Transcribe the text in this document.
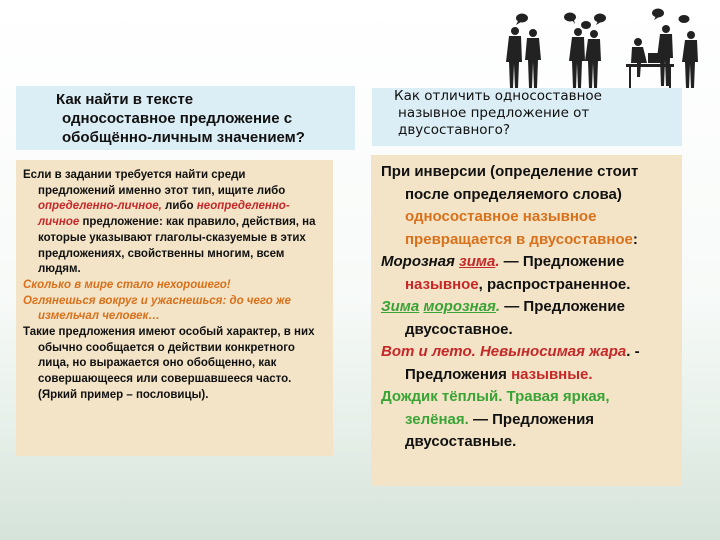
Как найти в тексте
односоставное предложение с обобщённо-личным значением?
Как отличить односоставное
назывное предложение от двусоставного?

Если в задании требуется найти среди предложений именно этот тип, ищите либо определенно-личное, либо неопределенно-личное предложение: как правило, действия, на которые указывают глаголы-сказуемые в этих предложениях, свойственны многим, всем людям.

Сколько в мире стало нехорошего!

Оглянешься вокруг и ужаснешься: до чего же измельчал человек…

Такие предложения имеют особый характер, в них обычно сообщается о действии конкретного лица, но выражается оно обобщенно, как совершающееся или совершавшееся часто. (Яркий пример – пословицы).

При инверсии (определение стоит после определяемого слова) односоставное назывное превращается в двусоставное:

Морозная зима. — Предложение назывное, распространенное.

Зима морозная. — Предложение двусоставное.

Вот и лето. Невыносимая жара. - Предложения назывные.

Дождик тёплый. Травая яркая, зелёная. — Предложения двусоставные.
